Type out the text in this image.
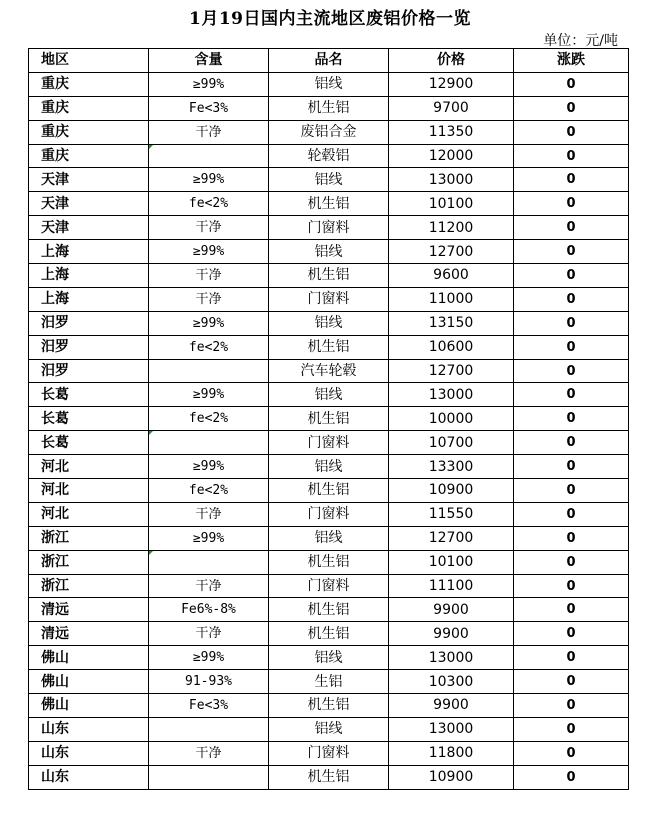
1月19日国内主流地区废铝价格一览
单位：元/吨
地区	含量	品名	价格	涨跌
重庆	≥99%	铝线	12900	0
重庆	Fe<3%	机生铝	9700	0
重庆	干净	废铝合金	11350	0
重庆		轮毂铝	12000	0
天津	≥99%	铝线	13000	0
天津	fe<2%	机生铝	10100	0
天津	干净	门窗料	11200	0
上海	≥99%	铝线	12700	0
上海	干净	机生铝	9600	0
上海	干净	门窗料	11000	0
汨罗	≥99%	铝线	13150	0
汨罗	fe<2%	机生铝	10600	0
汨罗		汽车轮毂	12700	0
长葛	≥99%	铝线	13000	0
长葛	fe<2%	机生铝	10000	0
长葛		门窗料	10700	0
河北	≥99%	铝线	13300	0
河北	fe<2%	机生铝	10900	0
河北	干净	门窗料	11550	0
浙江	≥99%	铝线	12700	0
浙江		机生铝	10100	0
浙江	干净	门窗料	11100	0
清远	Fe6%-8%	机生铝	9900	0
清远	干净	机生铝	9900	0
佛山	≥99%	铝线	13000	0
佛山	91-93%	生铝	10300	0
佛山	Fe<3%	机生铝	9900	0
山东		铝线	13000	0
山东	干净	门窗料	11800	0
山东		机生铝	10900	0
